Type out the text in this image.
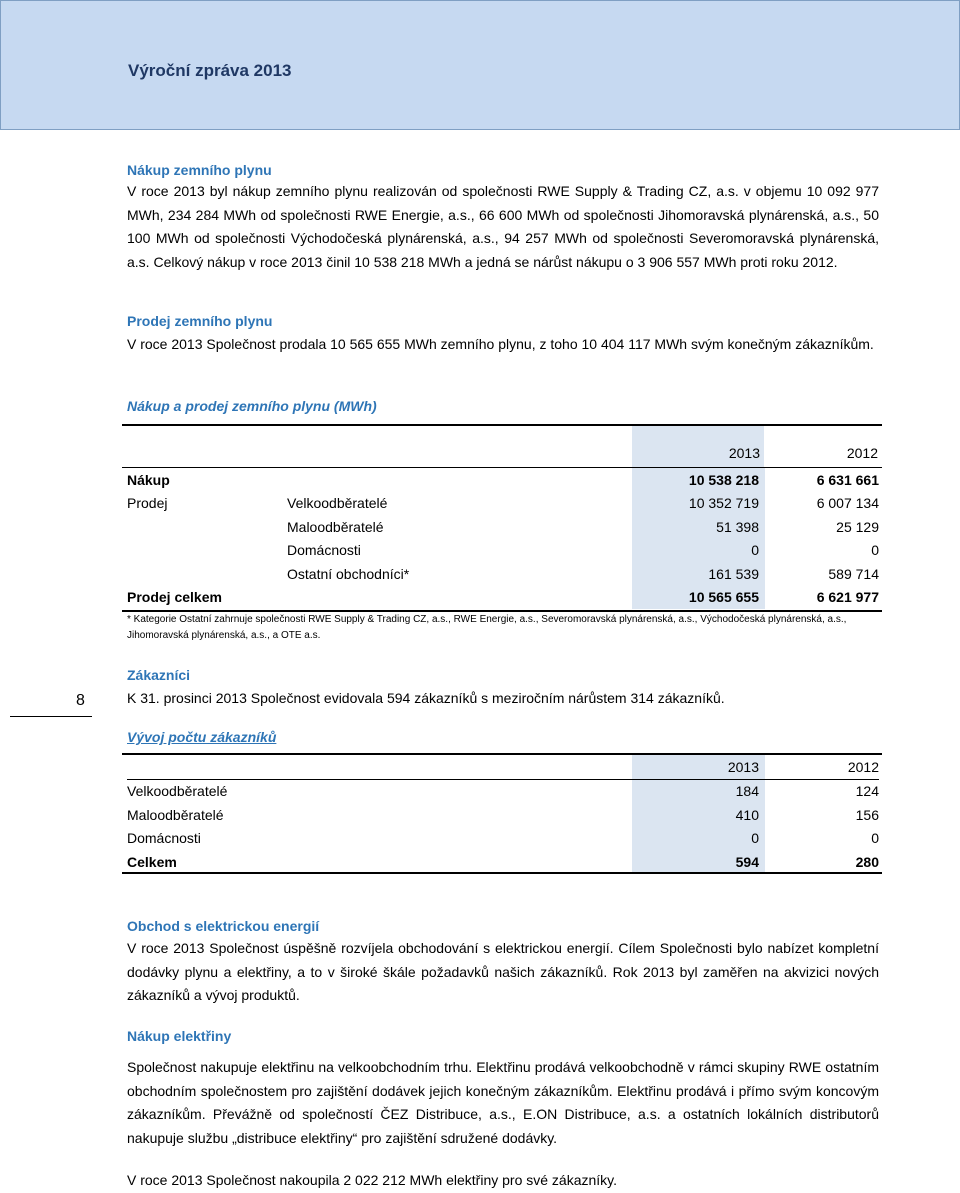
Výroční zpráva 2013
Nákup zemního plynu

V roce 2013 byl nákup zemního plynu realizován od společnosti RWE Supply & Trading CZ, a.s. v objemu 10 092 977 MWh, 234 284 MWh od společnosti RWE Energie, a.s., 66 600 MWh od společnosti Jihomoravská plynárenská, a.s., 50 100 MWh od společnosti Východočeská plynárenská, a.s., 94 257 MWh od společnosti Severomoravská plynárenská, a.s. Celkový nákup v roce 2013 činil 10 538 218 MWh a jedná se nárůst nákupu o 3 906 557 MWh proti roku 2012.

Prodej zemního plynu

V roce 2013 Společnost prodala 10 565 655 MWh zemního plynu, z toho 10 404 117 MWh svým konečným zákazníkům.

Nákup a prodej zemního plynu (MWh)
2013	2012
Nákup		10 538 218		6 631 661
Prodej	Velkoodběratelé	10 352 719		6 007 134
	Maloodběratelé	51 398		25 129
	Domácnosti	0		0
	Ostatní obchodníci*	161 539		589 714
Prodej celkem		10 565 655		6 621 977
* Kategorie Ostatní zahrnuje společnosti RWE Supply & Trading CZ, a.s., RWE Energie, a.s., Severomoravská plynárenská, a.s., Východočeská plynárenská, a.s., Jihomoravská plynárenská, a.s., a OTE a.s.
8
Zákazníci

K 31. prosinci 2013 Společnost evidovala 594 zákazníků s meziročním nárůstem 314 zákazníků.

Vývoj počtu zákazníků
	2013		2012
Velkoodběratelé	184		124
Maloodběratelé	410		156
Domácnosti	0		0
Celkem	594		280
Obchod s elektrickou energií

V roce 2013 Společnost úspěšně rozvíjela obchodování s elektrickou energií. Cílem Společnosti bylo nabízet kompletní dodávky plynu a elektřiny, a to v široké škále požadavků našich zákazníků. Rok 2013 byl zaměřen na akvizici nových zákazníků a vývoj produktů.

Nákup elektřiny

Společnost nakupuje elektřinu na velkoobchodním trhu. Elektřinu prodává velkoobchodně v rámci skupiny RWE ostatním obchodním společnostem pro zajištění dodávek jejich konečným zákazníkům. Elektřinu prodává i přímo svým koncovým zákazníkům. Převážně od společností ČEZ Distribuce, a.s., E.ON Distribuce, a.s. a ostatních lokálních distributorů nakupuje službu „distribuce elektřiny“ pro zajištění sdružené dodávky.

V roce 2013 Společnost nakoupila 2 022 212 MWh elektřiny pro své zákazníky.
